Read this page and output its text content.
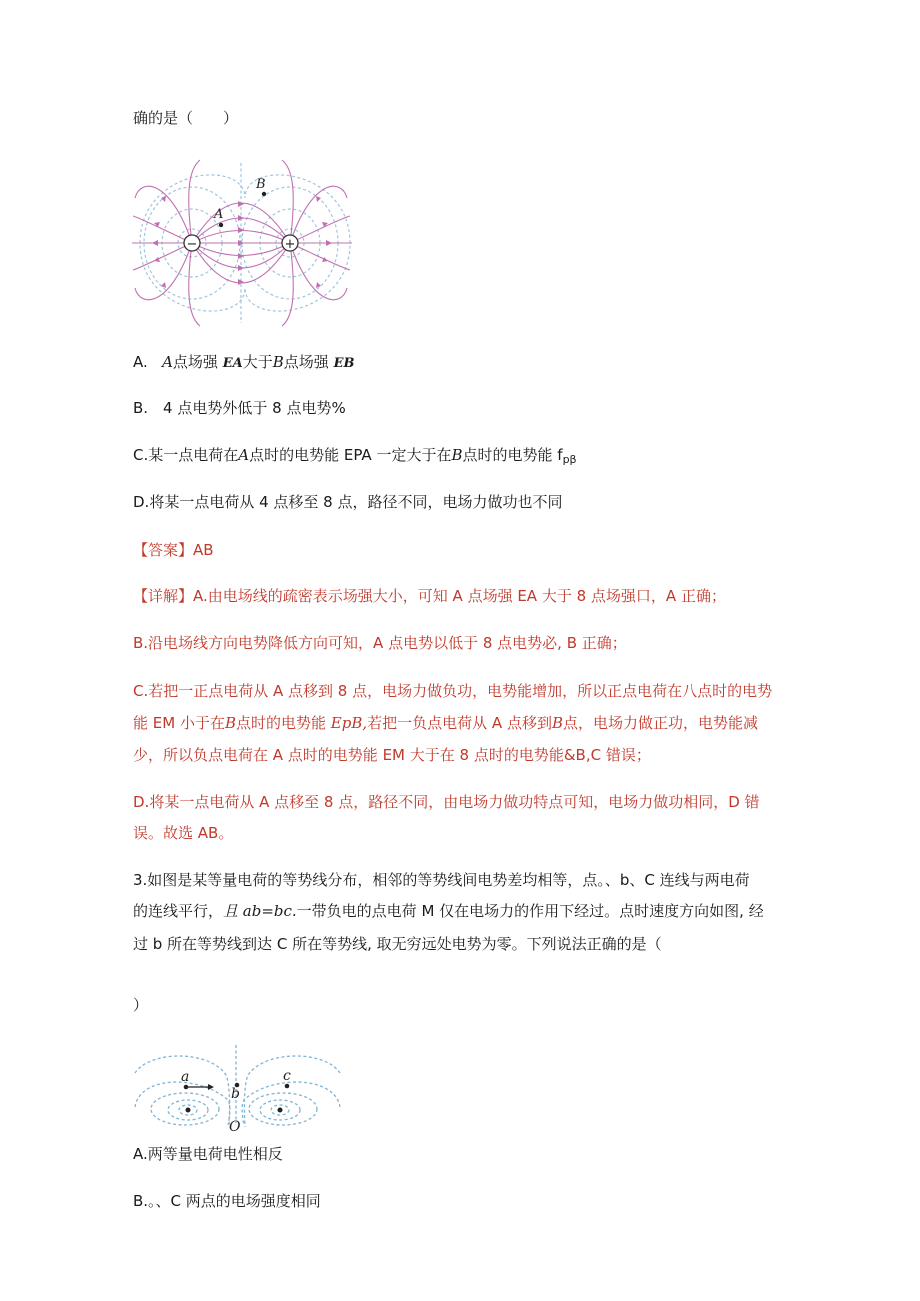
确的是（　　）
−	+
A
B
A. A点场强 EA大于B点场强 EB
B.　4 点电势外低于 8 点电势%
C.某一点电荷在A点时的电势能 EPA 一定大于在B点时的电势能 $f_{p\beta}$
D.将某一点电荷从 4 点移至 8 点，路径不同，电场力做功也不同
【答案】AB
【详解】A.由电场线的疏密表示场强大小，可知 A 点场强 EA 大于 8 点场强口，A 正确；
B.沿电场线方向电势降低方向可知，A 点电势以低于 8 点电势必, B 正确；
C.若把一正点电荷从 A 点移到 8 点，电场力做负功，电势能增加，所以正点电荷在八点时的电势
能 EM 小于在B点时的电势能 EpB,若把一负点电荷从 A 点移到B点，电场力做正功，电势能减
少，所以负点电荷在 A 点时的电势能 EM 大于在 8 点时的电势能&B,C 错误；
D.将某一点电荷从 A 点移至 8 点，路径不同，由电场力做功特点可知，电场力做功相同，D 错
误。故选 AB。
3.如图是某等量电荷的等势线分布，相邻的等势线间电势差均相等，点。、b、C 连线与两电荷
的连线平行，且 ab=bc.一带负电的点电荷 M 仅在电场力的作用下经过。点时速度方向如图, 经
过 b 所在等势线到达 C 所在等势线, 取无穷远处电势为零。下列说法正确的是（
）
a
b
c
O
A.两等量电荷电性相反
B.。、C 两点的电场强度相同
